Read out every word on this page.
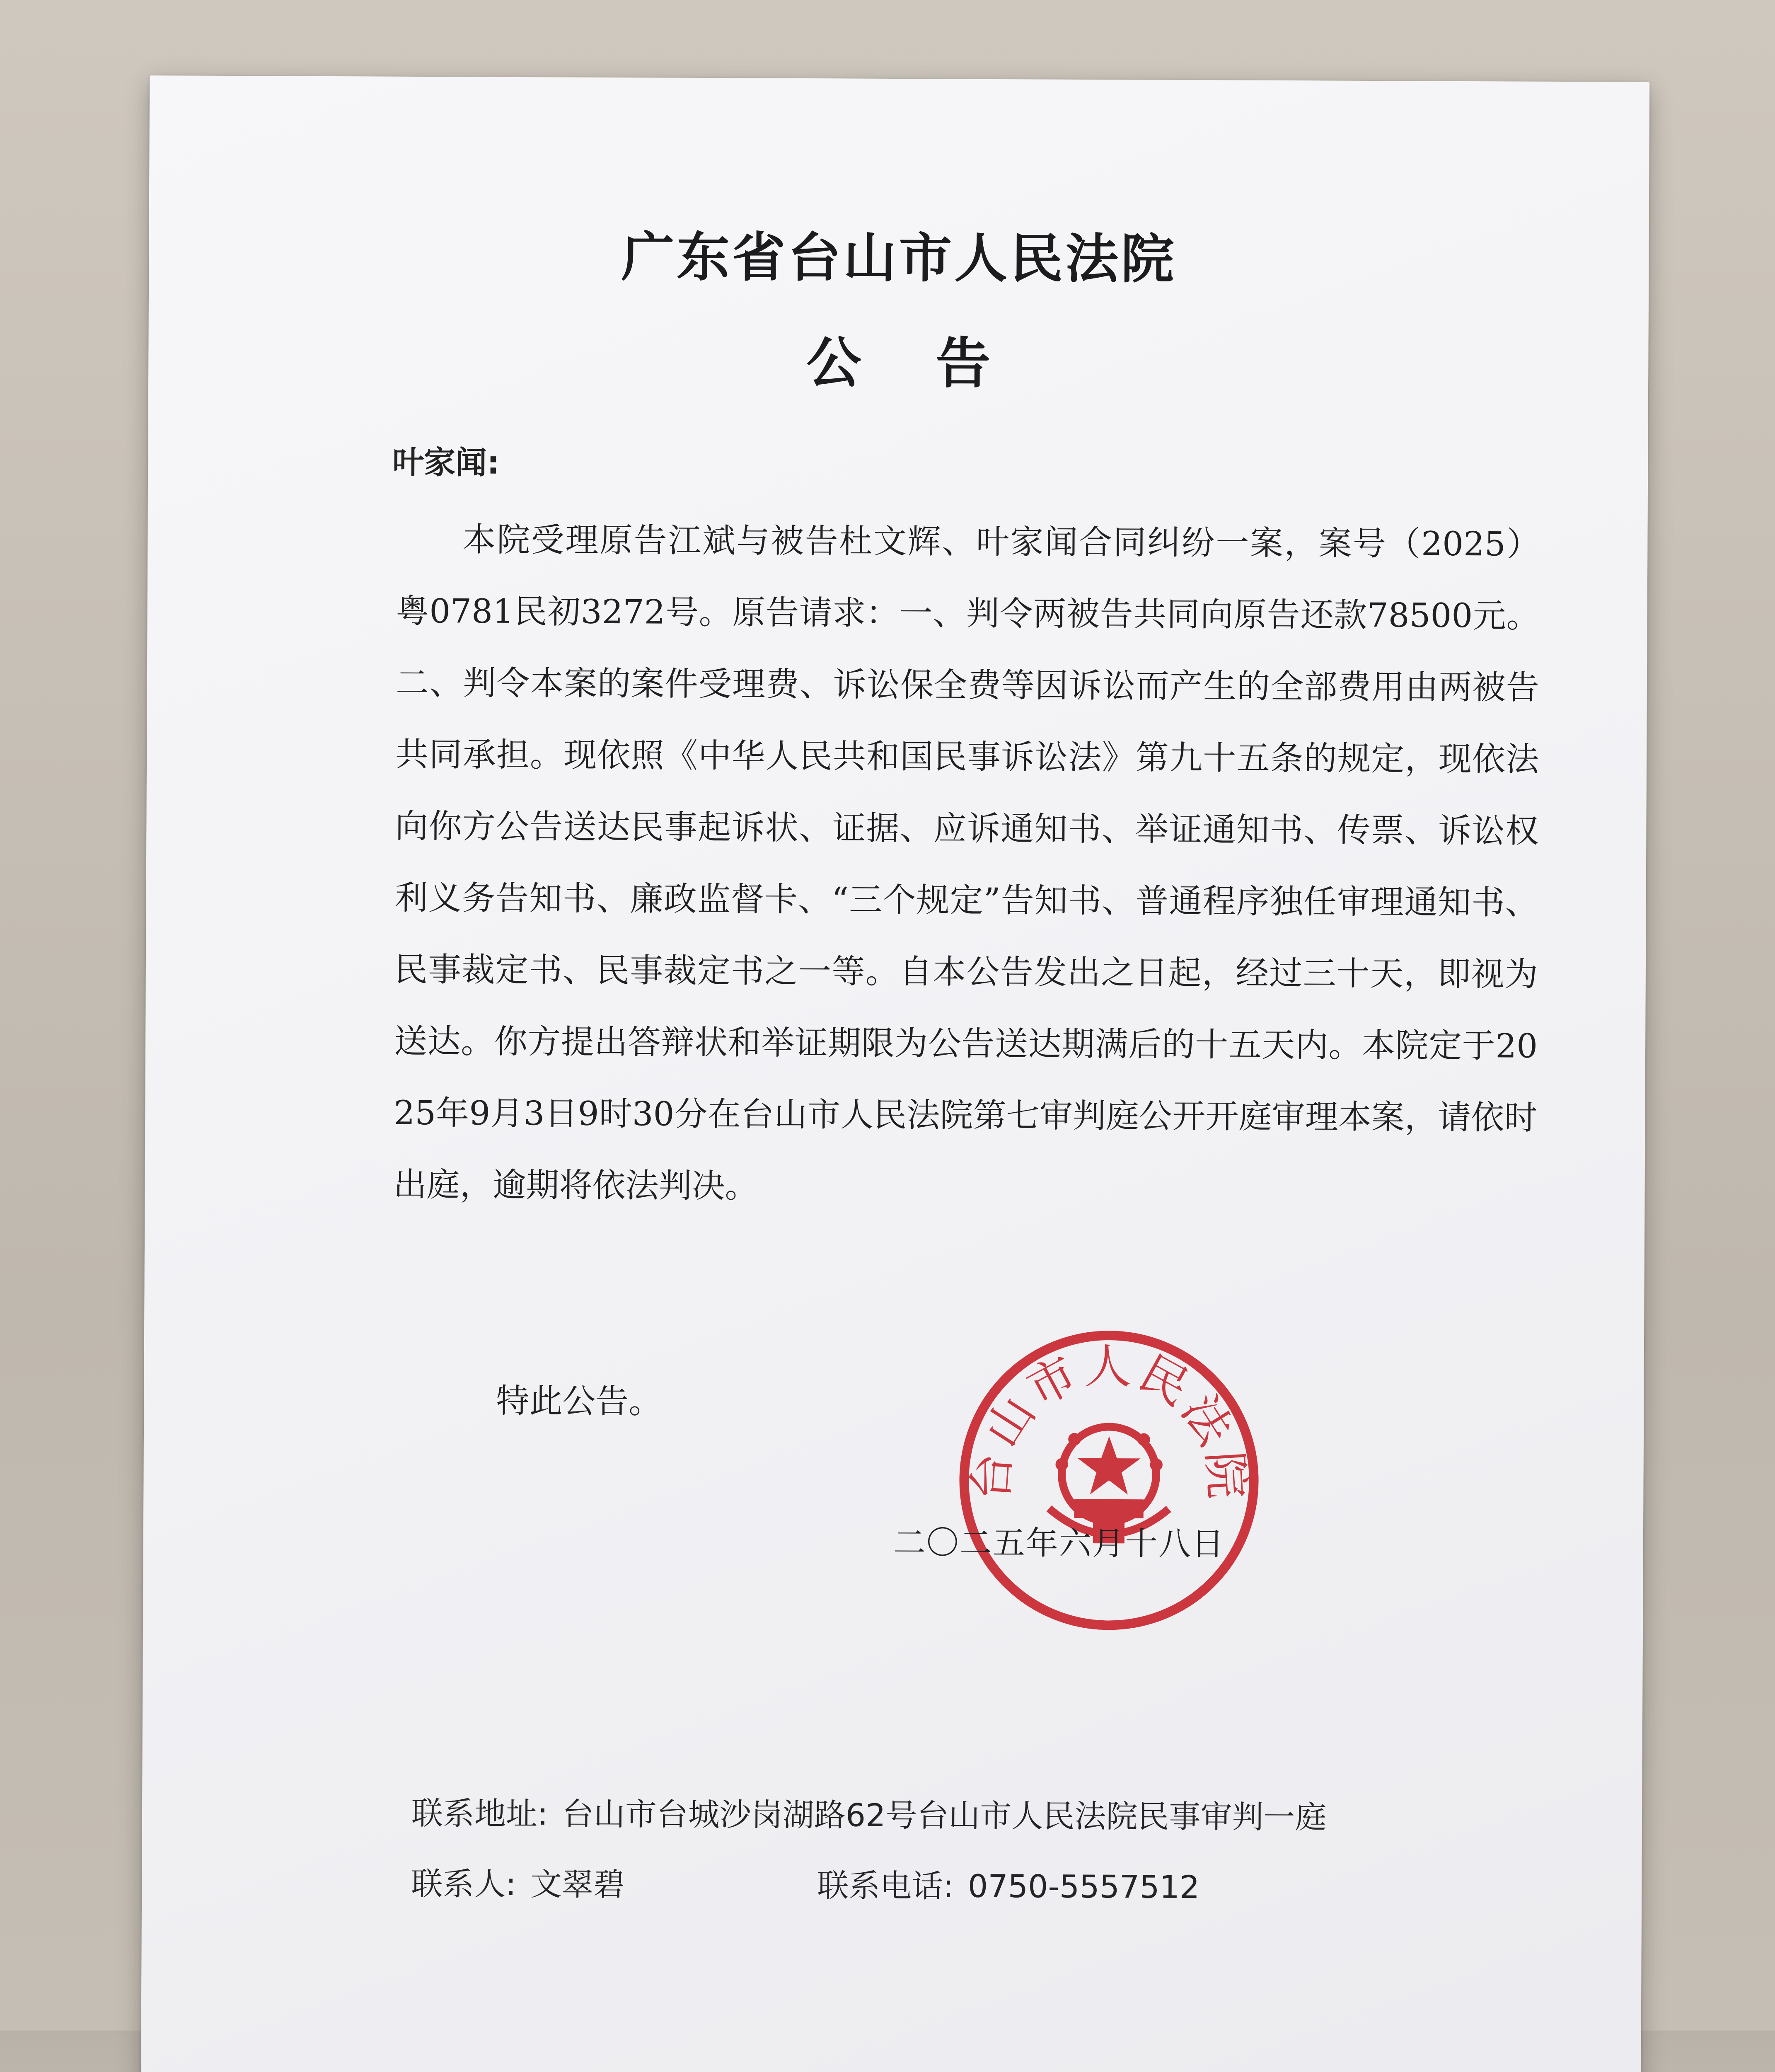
广东省台山市人民法院
公告
叶家闻:
本院受理原告江斌与被告杜文辉、叶家闻合同纠纷一案，案号（2025）粤0781民初3272号。原告请求：一、判令两被告共同向原告还款78500元。二、判令本案的案件受理费、诉讼保全费等因诉讼而产生的全部费用由两被告共同承担。现依照《中华人民共和国民事诉讼法》第九十五条的规定，现依法向你方公告送达民事起诉状、证据、应诉通知书、举证通知书、传票、诉讼权利义务告知书、廉政监督卡、“三个规定”告知书、普通程序独任审理通知书、民事裁定书、民事裁定书之一等。自本公告发出之日起，经过三十天，即视为送达。你方提出答辩状和举证期限为公告送达期满后的十五天内。本院定于2025年9月3日9时30分在台山市人民法院第七审判庭公开开庭审理本案，请依时出庭，逾期将依法判决。
特此公告。
台山市人民法院
二〇二五年六月十八日
联系地址: 台山市台城沙岗湖路62号台山市人民法院民事审判一庭
联系人: 文翠碧	联系电话: 0750-5557512
